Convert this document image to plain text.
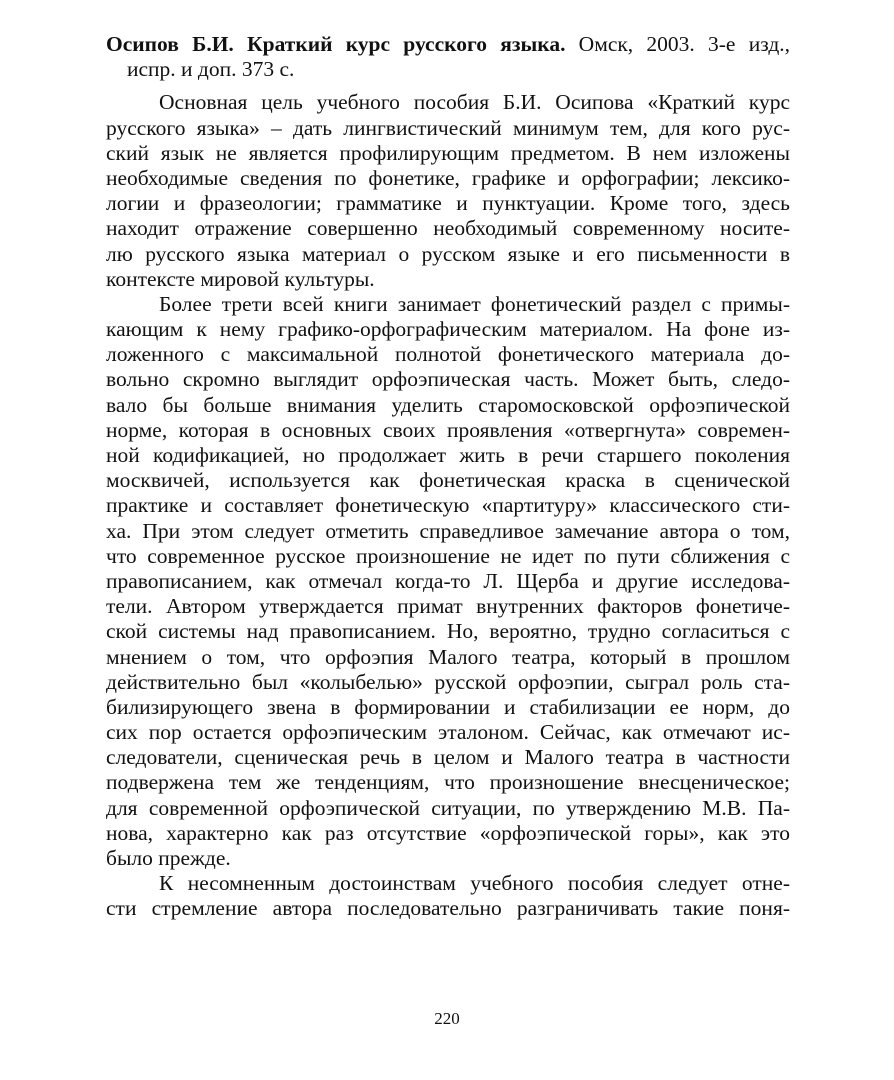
Осипов Б.И. Краткий курс русского языка. Омск, 2003. 3-е изд.,
испр. и доп. 373 с.
Основная цель учебного пособия Б.И. Осипова «Краткий курс
русского языка» – дать лингвистический минимум тем, для кого рус-
ский язык не является профилирующим предметом. В нем изложены
необходимые сведения по фонетике, графике и орфографии; лексико-
логии и фразеологии; грамматике и пунктуации. Кроме того, здесь
находит отражение совершенно необходимый современному носите-
лю русского языка материал о русском языке и его письменности в
контексте мировой культуры.
Более трети всей книги занимает фонетический раздел с примы-
кающим к нему графико-орфографическим материалом. На фоне из-
ложенного с максимальной полнотой фонетического материала до-
вольно скромно выглядит орфоэпическая часть. Может быть, следо-
вало бы больше внимания уделить старомосковской орфоэпической
норме, которая в основных своих проявления «отвергнута» современ-
ной кодификацией, но продолжает жить в речи старшего поколения
москвичей, используется как фонетическая краска в сценической
практике и составляет фонетическую «партитуру» классического сти-
ха. При этом следует отметить справедливое замечание автора о том,
что современное русское произношение не идет по пути сближения с
правописанием, как отмечал когда-то Л. Щерба и другие исследова-
тели. Автором утверждается примат внутренних факторов фонетиче-
ской системы над правописанием. Но, вероятно, трудно согласиться с
мнением о том, что орфоэпия Малого театра, который в прошлом
действительно был «колыбелью» русской орфоэпии, сыграл роль ста-
билизирующего звена в формировании и стабилизации ее норм, до
сих пор остается орфоэпическим эталоном. Сейчас, как отмечают ис-
следователи, сценическая речь в целом и Малого театра в частности
подвержена тем же тенденциям, что произношение внесценическое;
для современной орфоэпической ситуации, по утверждению М.В. Па-
нова, характерно как раз отсутствие «орфоэпической горы», как это
было прежде.
К несомненным достоинствам учебного пособия следует отне-
сти стремление автора последовательно разграничивать такие поня-
220
